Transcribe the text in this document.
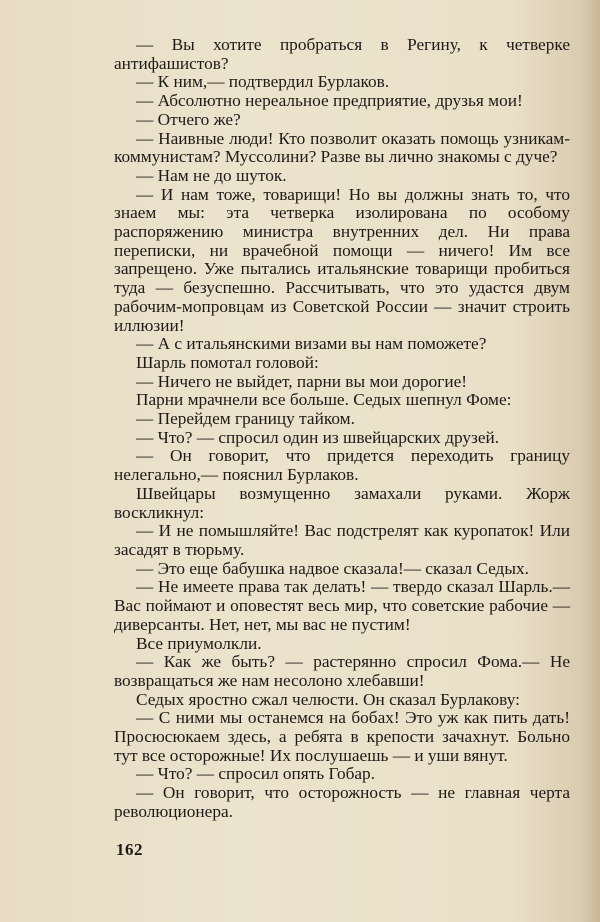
— Вы хотите пробраться в Регину, к четверке антифашистов?

— К ним,— подтвердил Бурлаков.

— Абсолютно нереальное предприятие, друзья мои!

— Отчего же?

— Наивные люди! Кто позволит оказать помощь узникам-коммунистам? Муссолини? Разве вы лично знакомы с дуче?

— Нам не до шуток.

— И нам тоже, товарищи! Но вы должны знать то, что знаем мы: эта четверка изолирована по особому распоряжению министра внутренних дел. Ни права переписки, ни врачебной помощи — ничего! Им все запрещено. Уже пытались итальянские товарищи пробиться туда — безуспешно. Рассчитывать, что это удастся двум рабочим-мопровцам из Советской России — значит строить иллюзии!

— А с итальянскими визами вы нам поможете?

Шарль помотал головой:

— Ничего не выйдет, парни вы мои дорогие!

Парни мрачнели все больше. Седых шепнул Фоме:

— Перейдем границу тайком.

— Что? — спросил один из швейцарских друзей.

— Он говорит, что придется переходить границу нелегально,— пояснил Бурлаков.

Швейцары возмущенно замахали руками. Жорж воскликнул:

— И не помышляйте! Вас подстрелят как куропаток! Или засадят в тюрьму.

— Это еще бабушка надвое сказала!— сказал Седых.

— Не имеете права так делать! — твердо сказал Шарль.— Вас поймают и оповестят весь мир, что советские рабочие — диверсанты. Нет, нет, мы вас не пустим!

Все приумолкли.

— Как же быть? — растерянно спросил Фома.— Не возвращаться же нам несолоно хлебавши!

Седых яростно сжал челюсти. Он сказал Бурлакову:

— С ними мы останемся на бобах! Это уж как пить дать! Просюсюкаем здесь, а ребята в крепости зачахнут. Больно тут все осторожные! Их послушаешь — и уши вянут.

— Что? — спросил опять Гобар.

— Он говорит, что осторожность — не главная черта революционера.

162
